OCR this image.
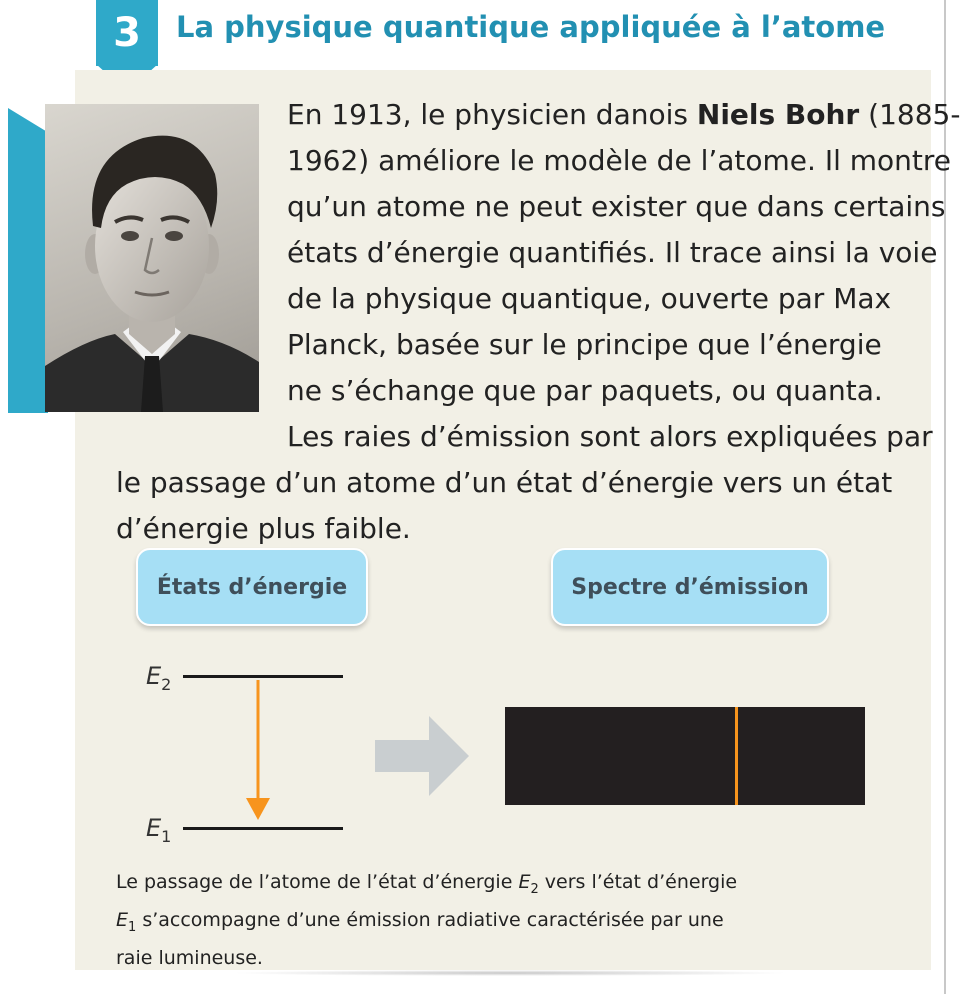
3 La physique quantique appliquée à l’atome
En 1913, le physicien danois Niels Bohr (1885-
1962) améliore le modèle de l’atome. Il montre
qu’un atome ne peut exister que dans certains
états d’énergie quantifiés. Il trace ainsi la voie
de la physique quantique, ouverte par Max
Planck, basée sur le principe que l’énergie
ne s’échange que par paquets, ou quanta.
Les raies d’émission sont alors expliquées par
le passage d’un atome d’un état d’énergie vers un état
d’énergie plus faible.
États d’énergie	Spectre d’émission
$E_2$
$E_1$
Le passage de l’atome de l’état d’énergie $E_2$ vers l’état d’énergie
$E_1$ s’accompagne d’une émission radiative caractérisée par une
raie lumineuse.
